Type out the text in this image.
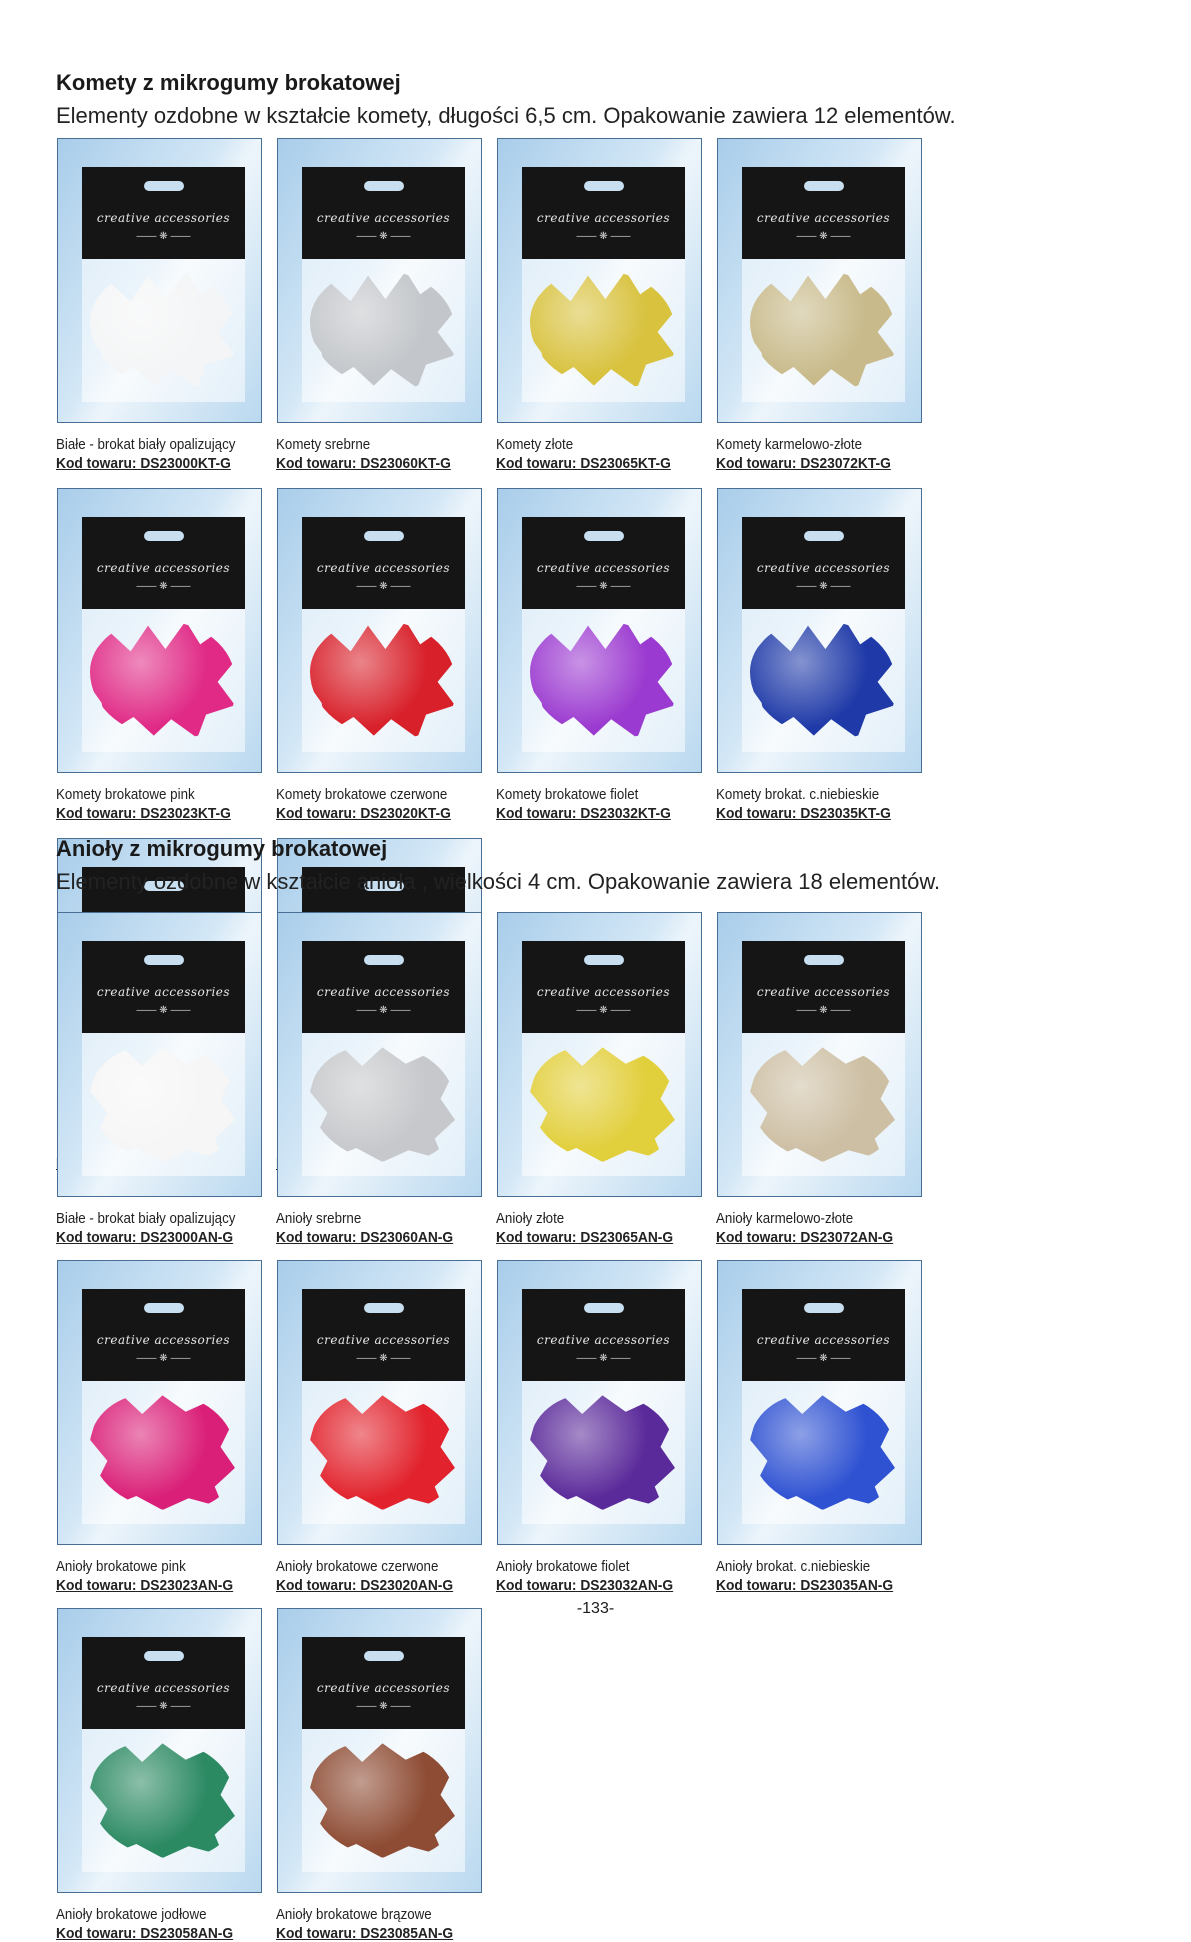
Komety z mikrogumy brokatowej

Elementy ozdobne w kształcie komety, długości 6,5 cm. Opakowanie zawiera 12 elementów.

creative accessories
—— ❋ ——
Białe - brokat biały opalizujący
Kod towaru: DS23000KT-G
creative accessories
—— ❋ ——
Komety srebrne
Kod towaru: DS23060KT-G
creative accessories
—— ❋ ——
Komety złote
Kod towaru: DS23065KT-G
creative accessories
—— ❋ ——
Komety karmelowo-złote
Kod towaru: DS23072KT-G
creative accessories
—— ❋ ——
Komety brokatowe pink
Kod towaru: DS23023KT-G
creative accessories
—— ❋ ——
Komety brokatowe czerwone
Kod towaru: DS23020KT-G
creative accessories
—— ❋ ——
Komety brokatowe fiolet
Kod towaru: DS23032KT-G
creative accessories
—— ❋ ——
Komety brokat. c.niebieskie
Kod towaru: DS23035KT-G
Anioły z mikrogumy brokatowej

Elementy ozdobne w kształcie anioła , wielkości 4 cm. Opakowanie zawiera 18 elementów.

creative accessories
—— ❋ ——
Białe - brokat biały opalizujący
Kod towaru: DS23000AN-G
creative accessories
—— ❋ ——
Anioły srebrne
Kod towaru: DS23060AN-G
creative accessories
—— ❋ ——
Anioły złote
Kod towaru: DS23065AN-G
creative accessories
—— ❋ ——
Anioły karmelowo-złote
Kod towaru: DS23072AN-G
creative accessories
—— ❋ ——
Anioły brokatowe pink
Kod towaru: DS23023AN-G
creative accessories
—— ❋ ——
Anioły brokatowe czerwone
Kod towaru: DS23020AN-G
creative accessories
—— ❋ ——
Anioły brokatowe fiolet
Kod towaru: DS23032AN-G
creative accessories
—— ❋ ——
Anioły brokat. c.niebieskie
Kod towaru: DS23035AN-G
creative accessories
—— ❋ ——
Anioły brokatowe jodłowe
Kod towaru: DS23058AN-G
creative accessories
—— ❋ ——
Anioły brokatowe brązowe
Kod towaru: DS23085AN-G
-133-
